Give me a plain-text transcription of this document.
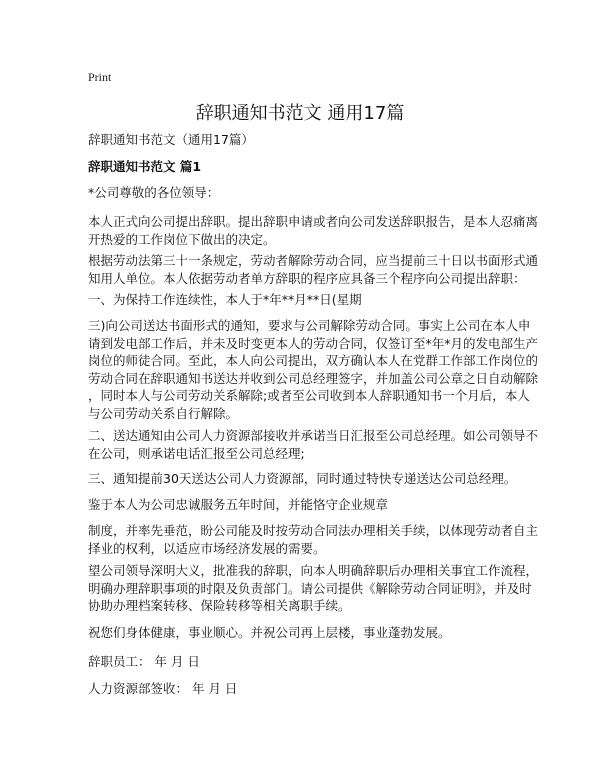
Print
辞职通知书范文 通用17篇

辞职通知书范文（通用17篇）

辞职通知书范文 篇1

*公司尊敬的各位领导：

本人正式向公司提出辞职。提出辞职申请或者向公司发送辞职报告，是本人忍痛离
开热爱的工作岗位下做出的决定。

根据劳动法第三十一条规定，劳动者解除劳动合同，应当提前三十日以书面形式通
知用人单位。本人依据劳动者单方辞职的程序应具备三个程序向公司提出辞职：

一、为保持工作连续性，本人于*年**月**日(星期

三)向公司送达书面形式的通知，要求与公司解除劳动合同。事实上公司在本人申
请到发电部工作后，并未及时变更本人的劳动合同，仅签订至*年*月的发电部生产
岗位的师徒合同。至此，本人向公司提出，双方确认本人在党群工作部工作岗位的
劳动合同在辞职通知书送达并收到公司总经理签字，并加盖公司公章之日自动解除
，同时本人与公司劳动关系解除;或者至公司收到本人辞职通知书一个月后，本人
与公司劳动关系自行解除。

二、送达通知由公司人力资源部接收并承诺当日汇报至公司总经理。如公司领导不
在公司，则承诺电话汇报至公司总经理;

三、通知提前30天送达公司人力资源部，同时通过特快专递送达公司总经理。

鉴于本人为公司忠诚服务五年时间，并能恪守企业规章

制度，并率先垂范，盼公司能及时按劳动合同法办理相关手续，以体现劳动者自主
择业的权利，以适应市场经济发展的需要。

望公司领导深明大义，批准我的辞职，向本人明确辞职后办理相关事宜工作流程，
明确办理辞职事项的时限及负责部门。请公司提供《解除劳动合同证明》，并及时
协助办理档案转移、保险转移等相关离职手续。

祝您们身体健康，事业顺心。并祝公司再上层楼，事业蓬勃发展。

辞职员工： 年 月 日

人力资源部签收： 年 月 日
